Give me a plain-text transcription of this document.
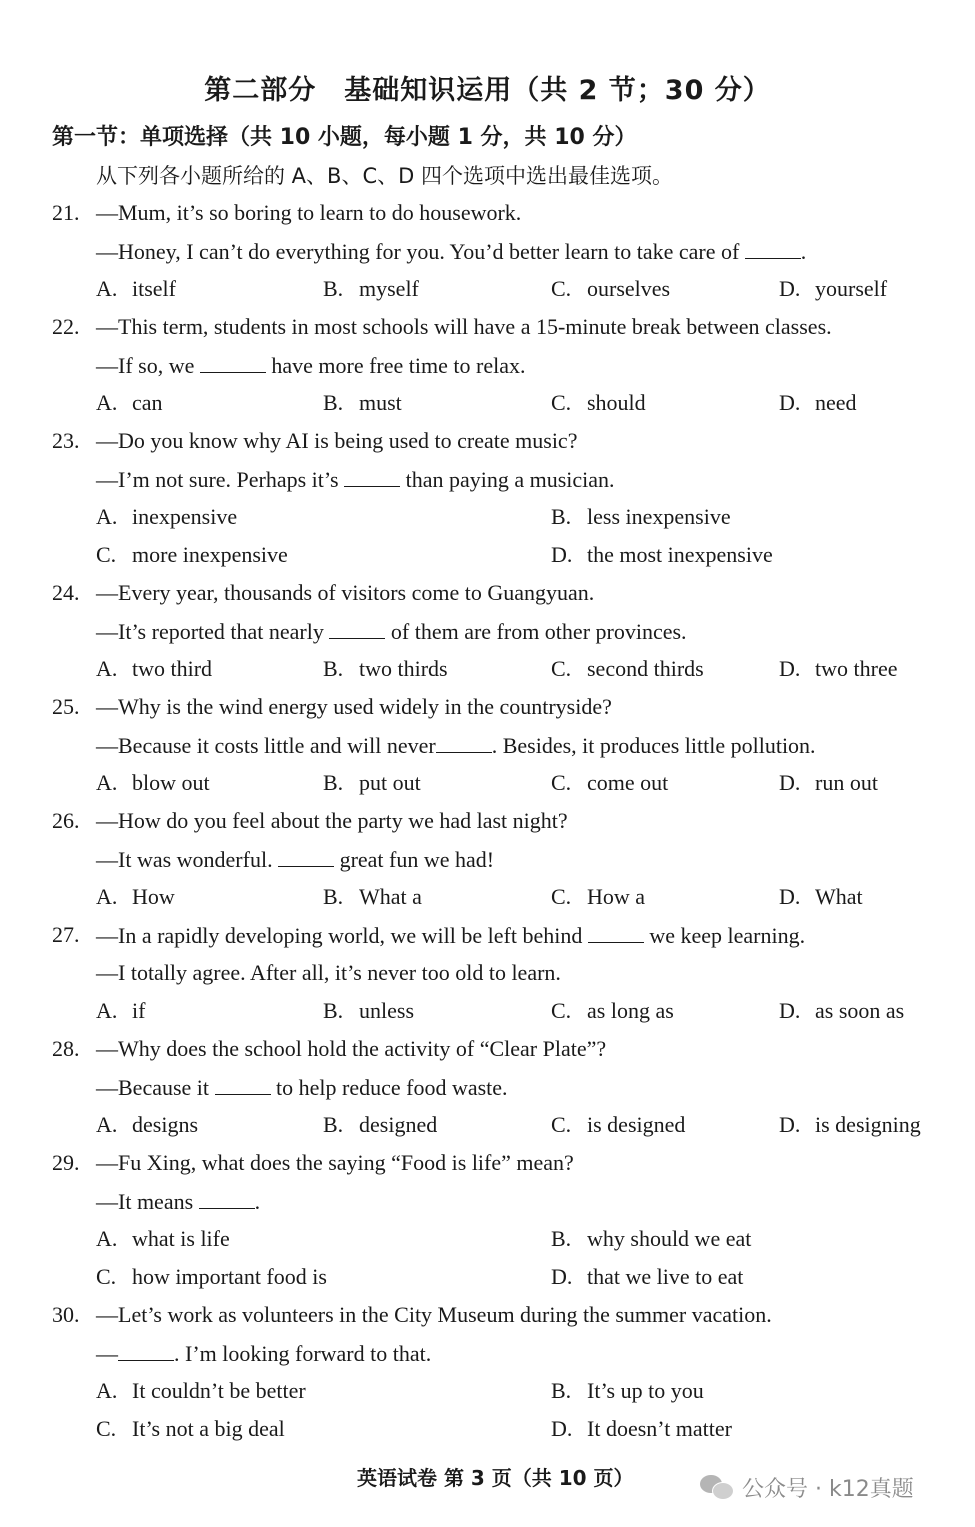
第二部分　基础知识运用（共 2 节；30 分）
第一节：单项选择（共 10 小题，每小题 1 分，共 10 分）
从下列各小题所给的 A、B、C、D 四个选项中选出最佳选项。
21. —Mum, it’s so boring to learn to do housework.
—Honey, I can’t do everything for you. You’d better learn to take care of	.
A. itself	B. myself	C. ourselves	D. yourself
22. —This term, students in most schools will have a 15-minute break between classes.
—If so, we	have more free time to relax.
A. can	B. must	C. should	D. need
23. —Do you know why AI is being used to create music?
—I’m not sure. Perhaps it’s	than paying a musician.
A. inexpensive	B. less inexpensive
C. more inexpensive	D. the most inexpensive
24. —Every year, thousands of visitors come to Guangyuan.
—It’s reported that nearly	of them are from other provinces.
A. two third	B. two thirds	C. second thirds	D. two three
25. —Why is the wind energy used widely in the countryside?
—Because it costs little and will never	. Besides, it produces little pollution.
A. blow out	B. put out	C. come out	D. run out
26. —How do you feel about the party we had last night?
—It was wonderful.	great fun we had!
A. How	B. What a	C. How a	D. What
27. —In a rapidly developing world, we will be left behind	we keep learning.
—I totally agree. After all, it’s never too old to learn.
A. if	B. unless	C. as long as	D. as soon as
28. —Why does the school hold the activity of “Clear Plate”?
—Because it	to help reduce food waste.
A. designs	B. designed	C. is designed	D. is designing
29. —Fu Xing, what does the saying “Food is life” mean?
—It means	.
A. what is life	B. why should we eat
C. how important food is	D. that we live to eat
30. —Let’s work as volunteers in the City Museum during the summer vacation.
—	. I’m looking forward to that.
A. It couldn’t be better	B. It’s up to you
C. It’s not a big deal	D. It doesn’t matter
英语试卷 第 3 页（共 10 页）	公众号 · k12真题
